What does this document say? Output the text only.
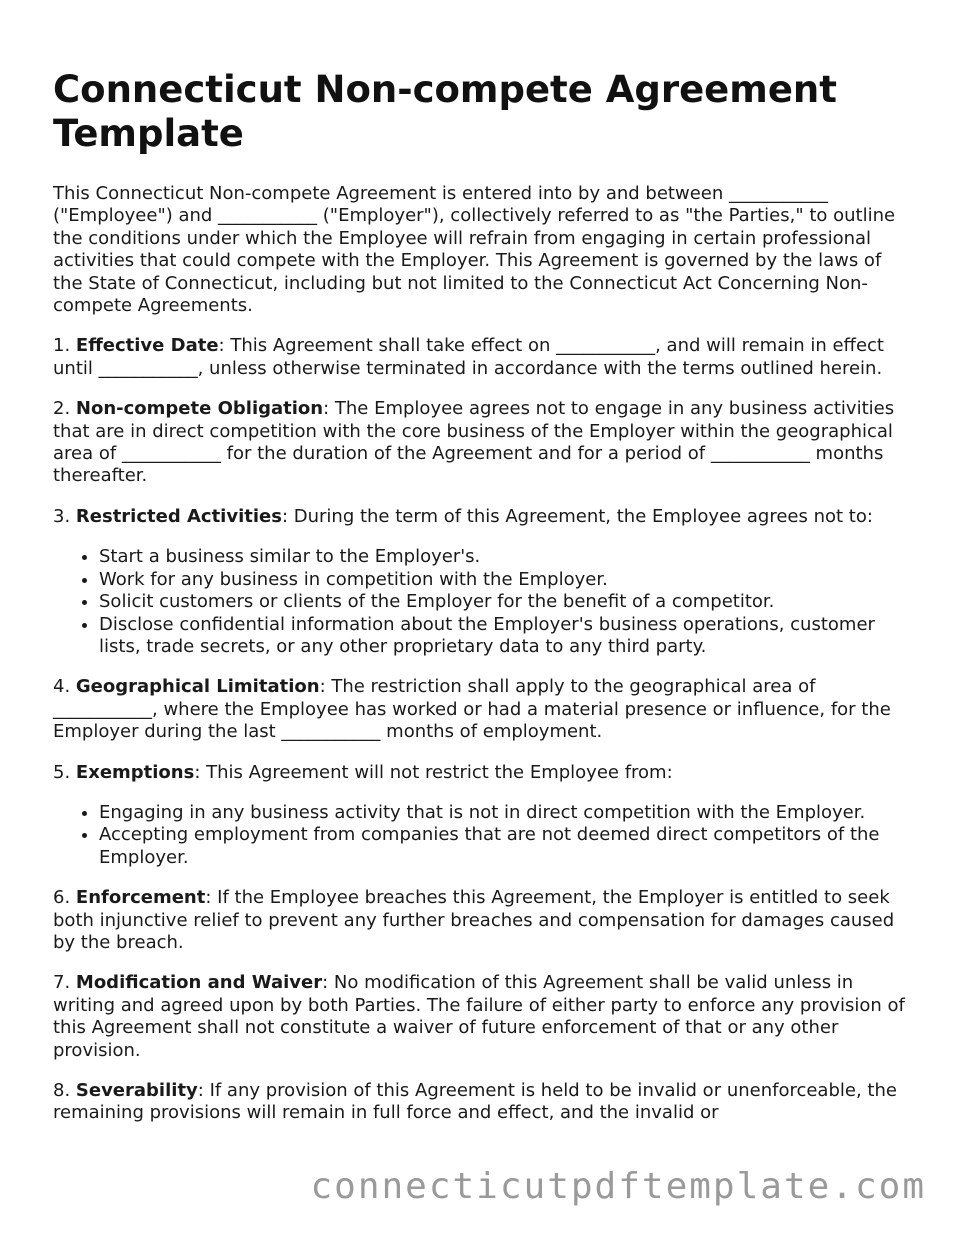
Connecticut Non-compete Agreement Template

This Connecticut Non-compete Agreement is entered into by and between ___________ ("Employee") and ___________ ("Employer"), collectively referred to as "the Parties," to outline the conditions under which the Employee will refrain from engaging in certain professional activities that could compete with the Employer. This Agreement is governed by the laws of the State of Connecticut, including but not limited to the Connecticut Act Concerning Non-compete Agreements.

1. Effective Date: This Agreement shall take effect on ___________, and will remain in effect until ___________, unless otherwise terminated in accordance with the terms outlined herein.

2. Non-compete Obligation: The Employee agrees not to engage in any business activities that are in direct competition with the core business of the Employer within the geographical area of ___________ for the duration of the Agreement and for a period of ___________ months thereafter.

3. Restricted Activities: During the term of this Agreement, the Employee agrees not to:

• Start a business similar to the Employer's.
• Work for any business in competition with the Employer.
• Solicit customers or clients of the Employer for the benefit of a competitor.
• Disclose confidential information about the Employer's business operations, customer lists, trade secrets, or any other proprietary data to any third party.

4. Geographical Limitation: The restriction shall apply to the geographical area of ___________, where the Employee has worked or had a material presence or influence, for the Employer during the last ___________ months of employment.

5. Exemptions: This Agreement will not restrict the Employee from:

• Engaging in any business activity that is not in direct competition with the Employer.
• Accepting employment from companies that are not deemed direct competitors of the Employer.

6. Enforcement: If the Employee breaches this Agreement, the Employer is entitled to seek both injunctive relief to prevent any further breaches and compensation for damages caused by the breach.

7. Modification and Waiver: No modification of this Agreement shall be valid unless in writing and agreed upon by both Parties. The failure of either party to enforce any provision of this Agreement shall not constitute a waiver of future enforcement of that or any other provision.

8. Severability: If any provision of this Agreement is held to be invalid or unenforceable, the remaining provisions will remain in full force and effect, and the invalid or

connecticutpdftemplate.com
